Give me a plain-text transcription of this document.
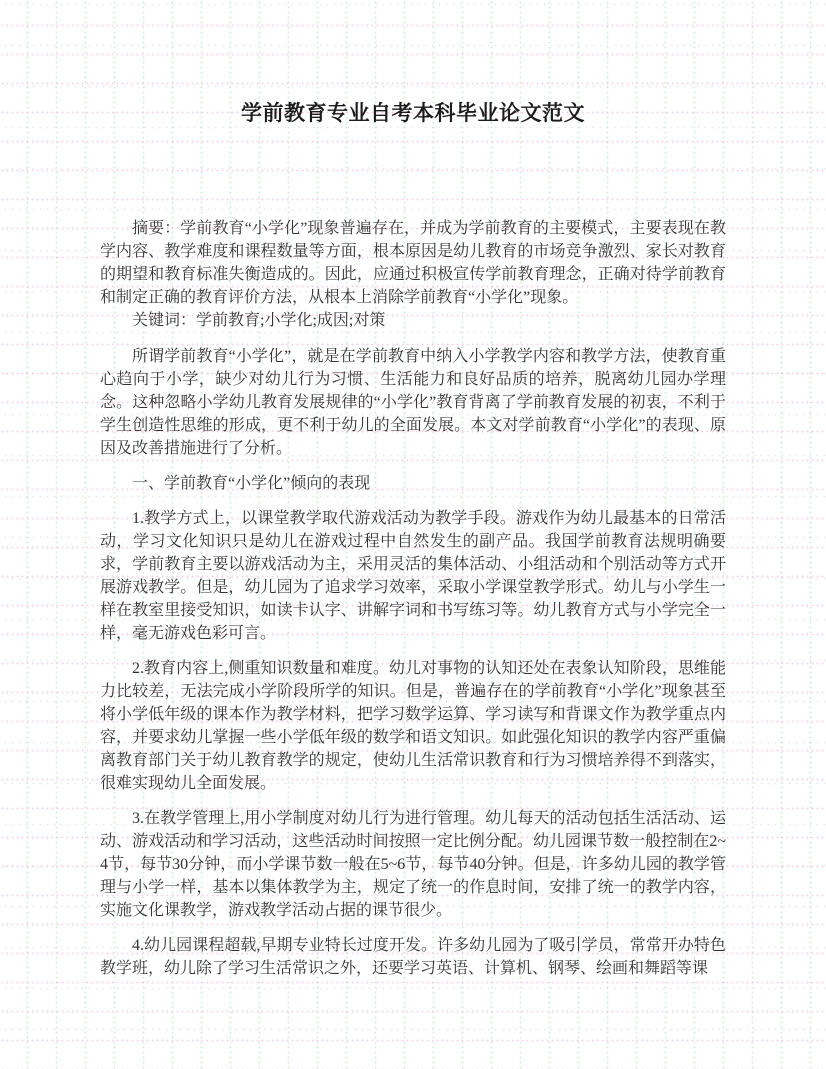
学前教育专业自考本科毕业论文范文

摘要：学前教育“小学化”现象普遍存在，并成为学前教育的主要模式，主要表现在教学内容、教学难度和课程数量等方面，根本原因是幼儿教育的市场竞争激烈、家长对教育的期望和教育标准失衡造成的。因此，应通过积极宣传学前教育理念，正确对待学前教育和制定正确的教育评价方法，从根本上消除学前教育“小学化”现象。

关键词：学前教育;小学化;成因;对策

所谓学前教育“小学化”，就是在学前教育中纳入小学教学内容和教学方法，使教育重心趋向于小学，缺少对幼儿行为习惯、生活能力和良好品质的培养，脱离幼儿园办学理念。这种忽略小学幼儿教育发展规律的“小学化”教育背离了学前教育发展的初衷，不利于学生创造性思维的形成，更不利于幼儿的全面发展。本文对学前教育“小学化”的表现、原因及改善措施进行了分析。

一、学前教育“小学化”倾向的表现

1.教学方式上，以课堂教学取代游戏活动为教学手段。游戏作为幼儿最基本的日常活动，学习文化知识只是幼儿在游戏过程中自然发生的副产品。我国学前教育法规明确要求，学前教育主要以游戏活动为主，采用灵活的集体活动、小组活动和个别活动等方式开展游戏教学。但是，幼儿园为了追求学习效率，采取小学课堂教学形式。幼儿与小学生一样在教室里接受知识，如读卡认字、讲解字词和书写练习等。幼儿教育方式与小学完全一样，毫无游戏色彩可言。

2.教育内容上,侧重知识数量和难度。幼儿对事物的认知还处在表象认知阶段，思维能力比较差，无法完成小学阶段所学的知识。但是，普遍存在的学前教育“小学化”现象甚至将小学低年级的课本作为教学材料，把学习数学运算、学习读写和背课文作为教学重点内容，并要求幼儿掌握一些小学低年级的数学和语文知识。如此强化知识的教学内容严重偏离教育部门关于幼儿教育教学的规定，使幼儿生活常识教育和行为习惯培养得不到落实，很难实现幼儿全面发展。

3.在教学管理上,用小学制度对幼儿行为进行管理。幼儿每天的活动包括生活活动、运动、游戏活动和学习活动，这些活动时间按照一定比例分配。幼儿园课节数一般控制在2~4节，每节30分钟，而小学课节数一般在5~6节，每节40分钟。但是，许多幼儿园的教学管理与小学一样，基本以集体教学为主，规定了统一的作息时间，安排了统一的教学内容，实施文化课教学，游戏教学活动占据的课节很少。

4.幼儿园课程超载,早期专业特长过度开发。许多幼儿园为了吸引学员，常常开办特色教学班，幼儿除了学习生活常识之外，还要学习英语、计算机、钢琴、绘画和舞蹈等课
